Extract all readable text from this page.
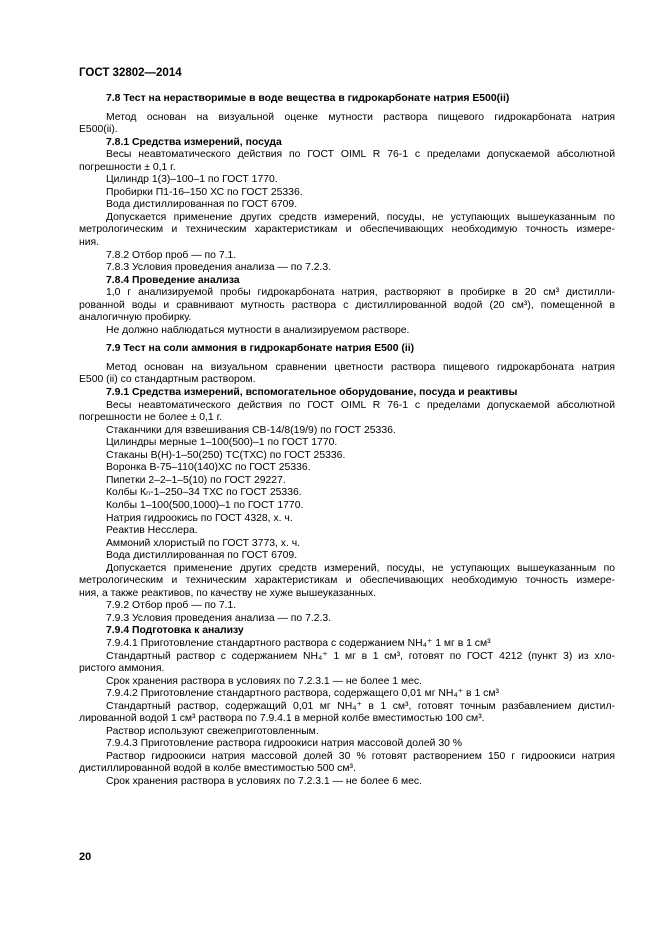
ГОСТ 32802—2014
7.8 Тест на нерастворимые в воде вещества в гидрокарбонате натрия Е500(ii)
Метод основан на визуальной оценке мутности раствора пищевого гидрокарбоната натрия
Е500(ii).
7.8.1 Средства измерений, посуда
Весы неавтоматического действия по ГОСТ OIML R 76-1 с пределами допускаемой абсолютной
погрешности ± 0,1 г.
Цилиндр 1(3)–100–1 по ГОСТ 1770.
Пробирки П1-16–150 ХС по ГОСТ 25336.
Вода дистиллированная по ГОСТ 6709.
Допускается применение других средств измерений, посуды, не уступающих вышеуказанным по
метрологическим и техническим характеристикам и обеспечивающих необходимую точность измере-
ния.
7.8.2 Отбор проб — по 7.1.
7.8.3 Условия проведения анализа — по 7.2.3.
7.8.4 Проведение анализа
1,0 г анализируемой пробы гидрокарбоната натрия, растворяют в пробирке в 20 см³ дистилли-
рованной воды и сравнивают мутность раствора с дистиллированной водой (20 см³), помещенной в
аналогичную пробирку.
Не должно наблюдаться мутности в анализируемом растворе.
7.9 Тест на соли аммония в гидрокарбонате натрия Е500 (ii)
Метод основан на визуальном сравнении цветности раствора пищевого гидрокарбоната натрия
Е500 (ii) со стандартным раствором.
7.9.1 Средства измерений, вспомогательное оборудование, посуда и реактивы
Весы неавтоматического действия по ГОСТ OIML R 76-1 с пределами допускаемой абсолютной
погрешности не более ± 0,1 г.
Стаканчики для взвешивания СВ-14/8(19/9) по ГОСТ 25336.
Цилиндры мерные 1–100(500)–1 по ГОСТ 1770.
Стаканы В(Н)-1–50(250) ТС(ТХС) по ГОСТ 25336.
Воронка В-75–110(140)ХС по ГОСТ 25336.
Пипетки 2–2–1–5(10) по ГОСТ 29227.
Колбы Кₙ-1–250–34 ТХС по ГОСТ 25336.
Колбы 1–100(500,1000)–1 по ГОСТ 1770.
Натрия гидроокись по ГОСТ 4328, х. ч.
Реактив Несслера.
Аммоний хлористый по ГОСТ 3773, х. ч.
Вода дистиллированная по ГОСТ 6709.
Допускается применение других средств измерений, посуды, не уступающих вышеуказанным по
метрологическим и техническим характеристикам и обеспечивающих необходимую точность измере-
ния, а также реактивов, по качеству не хуже вышеуказанных.
7.9.2 Отбор проб — по 7.1.
7.9.3 Условия проведения анализа — по 7.2.3.
7.9.4 Подготовка к анализу
7.9.4.1 Приготовление стандартного раствора с содержанием NH₄⁺ 1 мг в 1 см³
Стандартный раствор с содержанием NH₄⁺ 1 мг в 1 см³, готовят по ГОСТ 4212 (пункт 3) из хло-
ристого аммония.
Срок хранения раствора в условиях по 7.2.3.1 — не более 1 мес.
7.9.4.2 Приготовление стандартного раствора, содержащего 0,01 мг NH₄⁺ в 1 см³
Стандартный раствор, содержащий 0,01 мг NH₄⁺ в 1 см³, готовят точным разбавлением дистил-
лированной водой 1 см³ раствора по 7.9.4.1 в мерной колбе вместимостью 100 см³.
Раствор используют свежеприготовленным.
7.9.4.3 Приготовление раствора гидроокиси натрия массовой долей 30 %
Раствор гидроокиси натрия массовой долей 30 % готовят растворением 150 г гидроокиси натрия
дистиллированной водой в колбе вместимостью 500 см³.
Срок хранения раствора в условиях по 7.2.3.1 — не более 6 мес.
20
